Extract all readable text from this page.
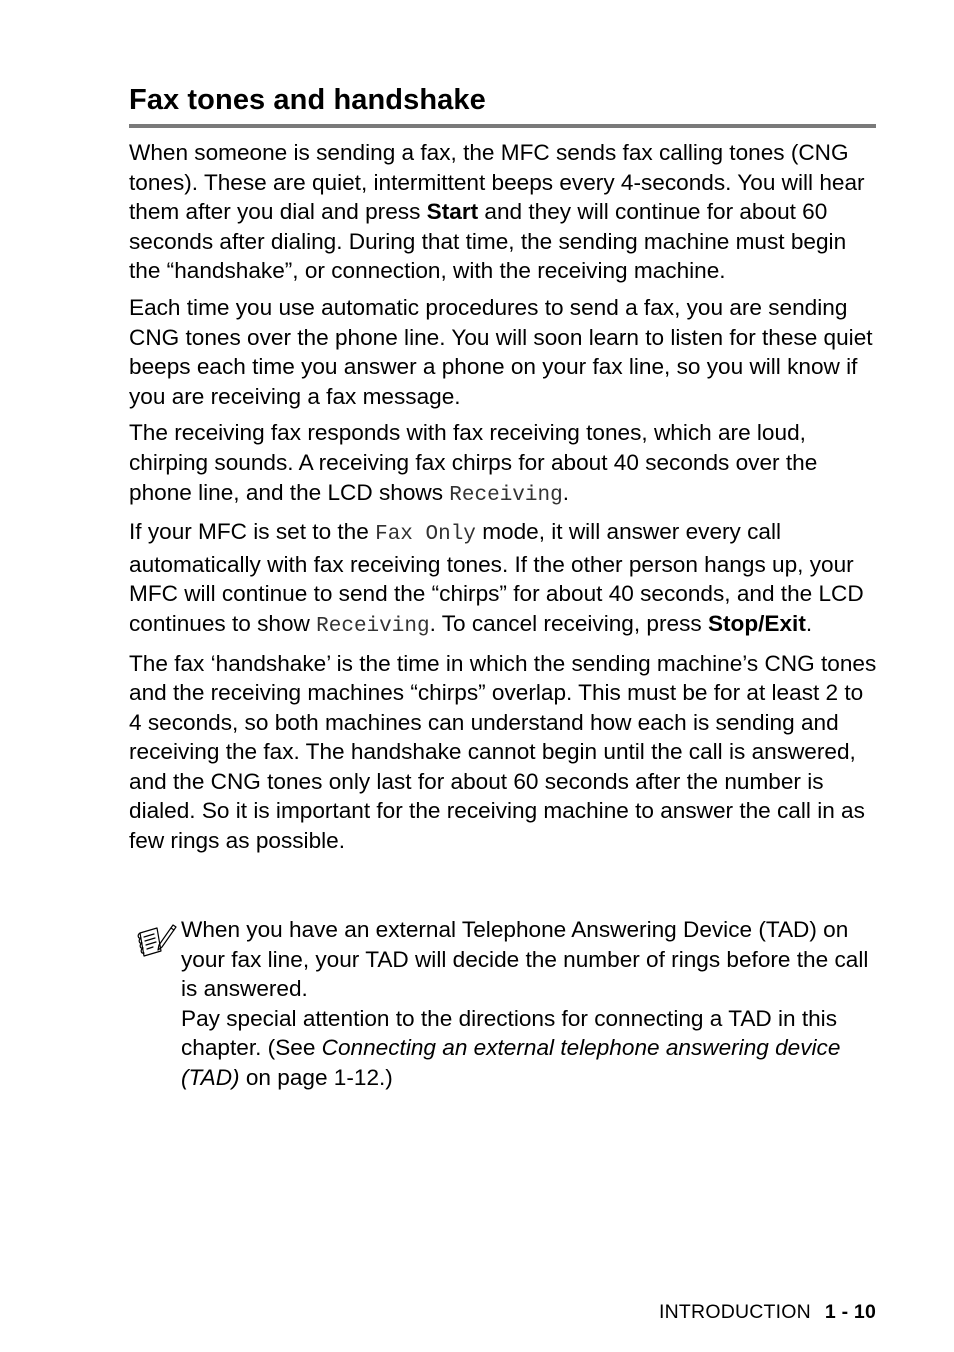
Fax tones and handshake

When someone is sending a fax, the MFC sends fax calling tones (CNG tones). These are quiet, intermittent beeps every 4-seconds. You will hear them after you dial and press Start and they will continue for about 60 seconds after dialing. During that time, the sending machine must begin the “handshake”, or connection, with the receiving machine.

Each time you use automatic procedures to send a fax, you are sending CNG tones over the phone line. You will soon learn to listen for these quiet beeps each time you answer a phone on your fax line, so you will know if you are receiving a fax message.

The receiving fax responds with fax receiving tones, which are loud, chirping sounds. A receiving fax chirps for about 40 seconds over the phone line, and the LCD shows Receiving.

If your MFC is set to the Fax Only mode, it will answer every call automatically with fax receiving tones. If the other person hangs up, your MFC will continue to send the “chirps” for about 40 seconds, and the LCD continues to show Receiving. To cancel receiving, press Stop/Exit.

The fax ‘handshake’ is the time in which the sending machine’s CNG tones and the receiving machines “chirps” overlap. This must be for at least 2 to 4 seconds, so both machines can understand how each is sending and receiving the fax. The handshake cannot begin until the call is answered, and the CNG tones only last for about 60 seconds after the number is dialed. So it is important for the receiving machine to answer the call in as few rings as possible.

When you have an external Telephone Answering Device (TAD) on your fax line, your TAD will decide the number of rings before the call is answered.

Pay special attention to the directions for connecting a TAD in this chapter. (See Connecting an external telephone answering device (TAD) on page 1-12.)

INTRODUCTION 1 - 10
